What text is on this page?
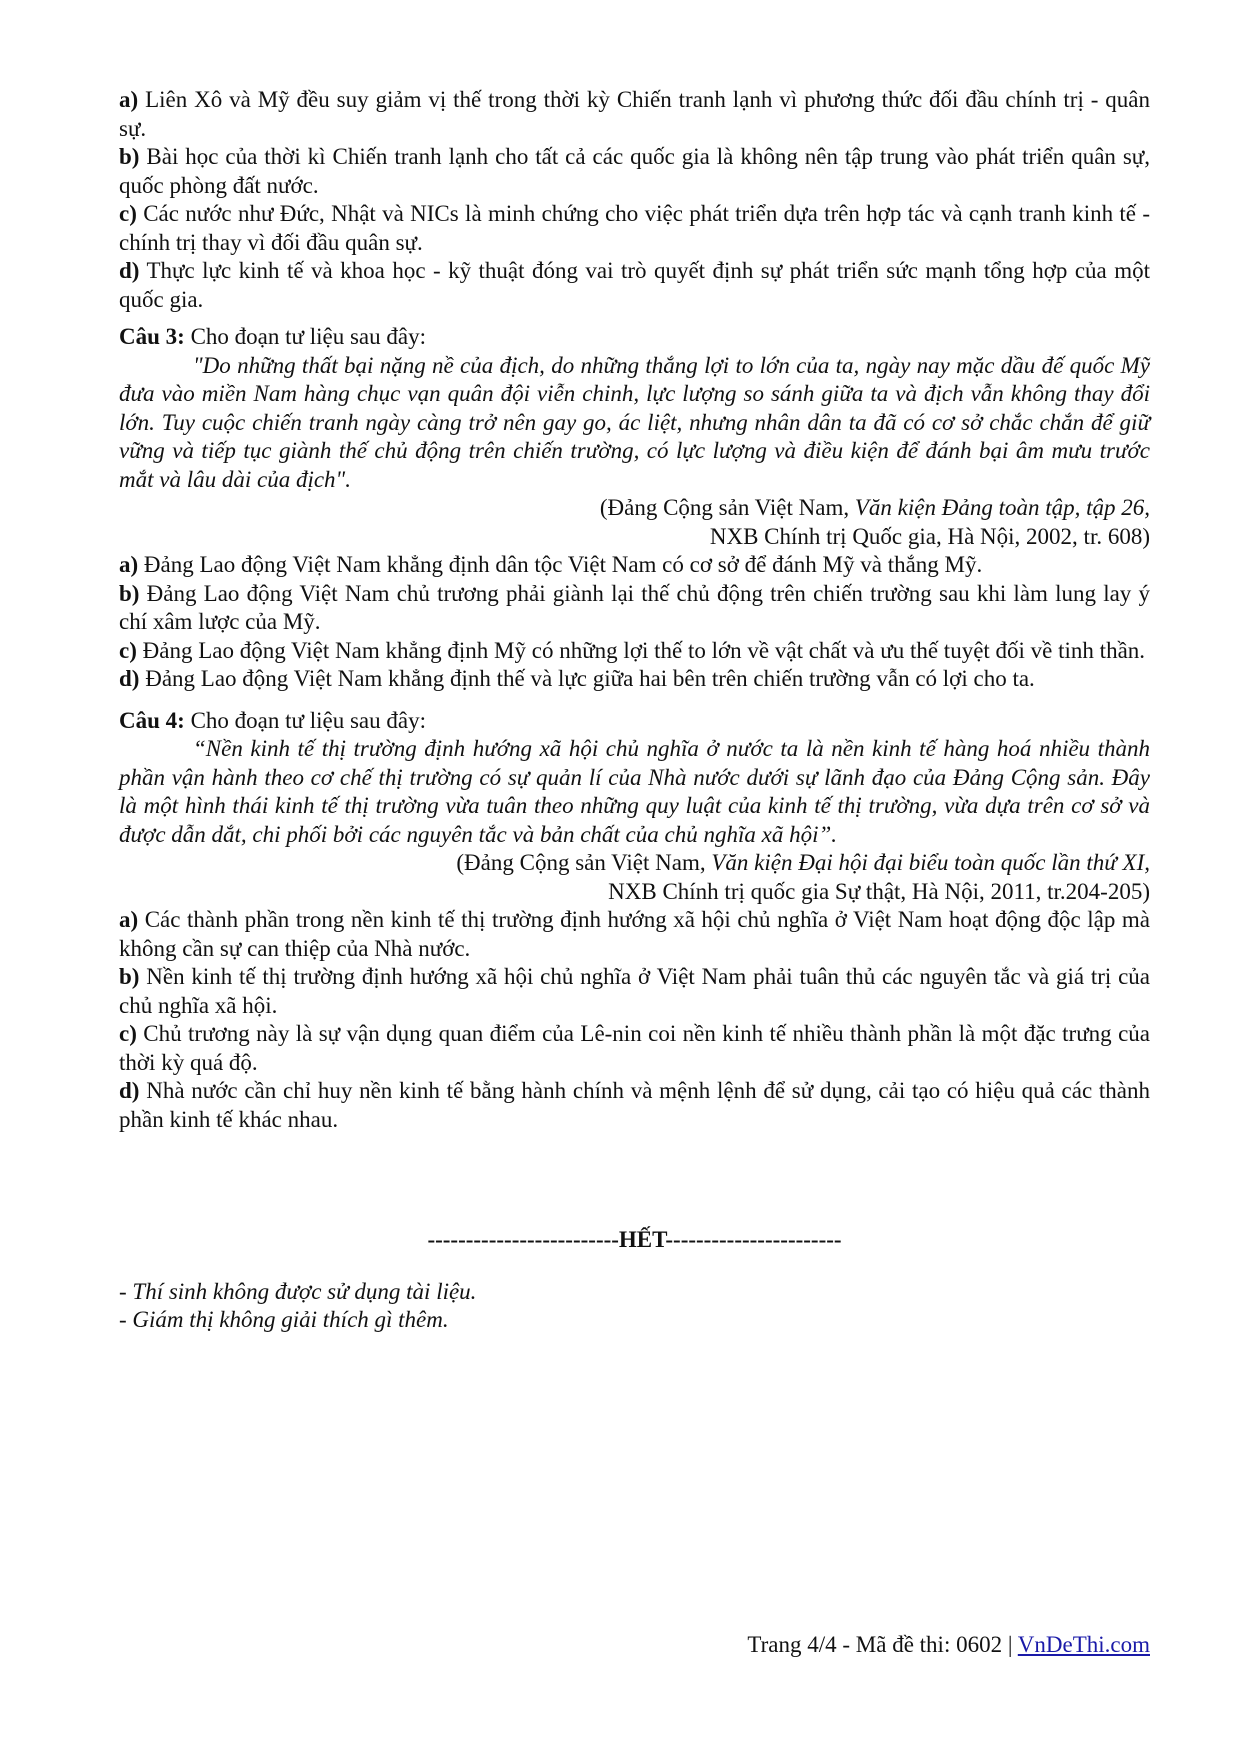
a) Liên Xô và Mỹ đều suy giảm vị thế trong thời kỳ Chiến tranh lạnh vì phương thức đối đầu chính trị - quân sự.

b) Bài học của thời kì Chiến tranh lạnh cho tất cả các quốc gia là không nên tập trung vào phát triển quân sự, quốc phòng đất nước.

c) Các nước như Đức, Nhật và NICs là minh chứng cho việc phát triển dựa trên hợp tác và cạnh tranh kinh tế - chính trị thay vì đối đầu quân sự.

d) Thực lực kinh tế và khoa học - kỹ thuật đóng vai trò quyết định sự phát triển sức mạnh tổng hợp của một quốc gia.

Câu 3: Cho đoạn tư liệu sau đây:

"Do những thất bại nặng nề của địch, do những thắng lợi to lớn của ta, ngày nay mặc dầu đế quốc Mỹ đưa vào miền Nam hàng chục vạn quân đội viễn chinh, lực lượng so sánh giữa ta và địch vẫn không thay đổi lớn. Tuy cuộc chiến tranh ngày càng trở nên gay go, ác liệt, nhưng nhân dân ta đã có cơ sở chắc chắn để giữ vững và tiếp tục giành thế chủ động trên chiến trường, có lực lượng và điều kiện để đánh bại âm mưu trước mắt và lâu dài của địch".

(Đảng Cộng sản Việt Nam, Văn kiện Đảng toàn tập, tập 26,

NXB Chính trị Quốc gia, Hà Nội, 2002, tr. 608)

a) Đảng Lao động Việt Nam khẳng định dân tộc Việt Nam có cơ sở để đánh Mỹ và thắng Mỹ.

b) Đảng Lao động Việt Nam chủ trương phải giành lại thế chủ động trên chiến trường sau khi làm lung lay ý chí xâm lược của Mỹ.

c) Đảng Lao động Việt Nam khẳng định Mỹ có những lợi thế to lớn về vật chất và ưu thế tuyệt đối về tinh thần.

d) Đảng Lao động Việt Nam khẳng định thế và lực giữa hai bên trên chiến trường vẫn có lợi cho ta.

Câu 4: Cho đoạn tư liệu sau đây:

“Nền kinh tế thị trường định hướng xã hội chủ nghĩa ở nước ta là nền kinh tế hàng hoá nhiều thành phần vận hành theo cơ chế thị trường có sự quản lí của Nhà nước dưới sự lãnh đạo của Đảng Cộng sản. Đây là một hình thái kinh tế thị trường vừa tuân theo những quy luật của kinh tế thị trường, vừa dựa trên cơ sở và được dẫn dắt, chi phối bởi các nguyên tắc và bản chất của chủ nghĩa xã hội”.

(Đảng Cộng sản Việt Nam, Văn kiện Đại hội đại biểu toàn quốc lần thứ XI,

NXB Chính trị quốc gia Sự thật, Hà Nội, 2011, tr.204-205)

a) Các thành phần trong nền kinh tế thị trường định hướng xã hội chủ nghĩa ở Việt Nam hoạt động độc lập mà không cần sự can thiệp của Nhà nước.

b) Nền kinh tế thị trường định hướng xã hội chủ nghĩa ở Việt Nam phải tuân thủ các nguyên tắc và giá trị của chủ nghĩa xã hội.

c) Chủ trương này là sự vận dụng quan điểm của Lê-nin coi nền kinh tế nhiều thành phần là một đặc trưng của thời kỳ quá độ.

d) Nhà nước cần chỉ huy nền kinh tế bằng hành chính và mệnh lệnh để sử dụng, cải tạo có hiệu quả các thành phần kinh tế khác nhau.

-------------------------HẾT-----------------------

- Thí sinh không được sử dụng tài liệu.

- Giám thị không giải thích gì thêm.

Trang 4/4 - Mã đề thi: 0602 | VnDeThi.com
